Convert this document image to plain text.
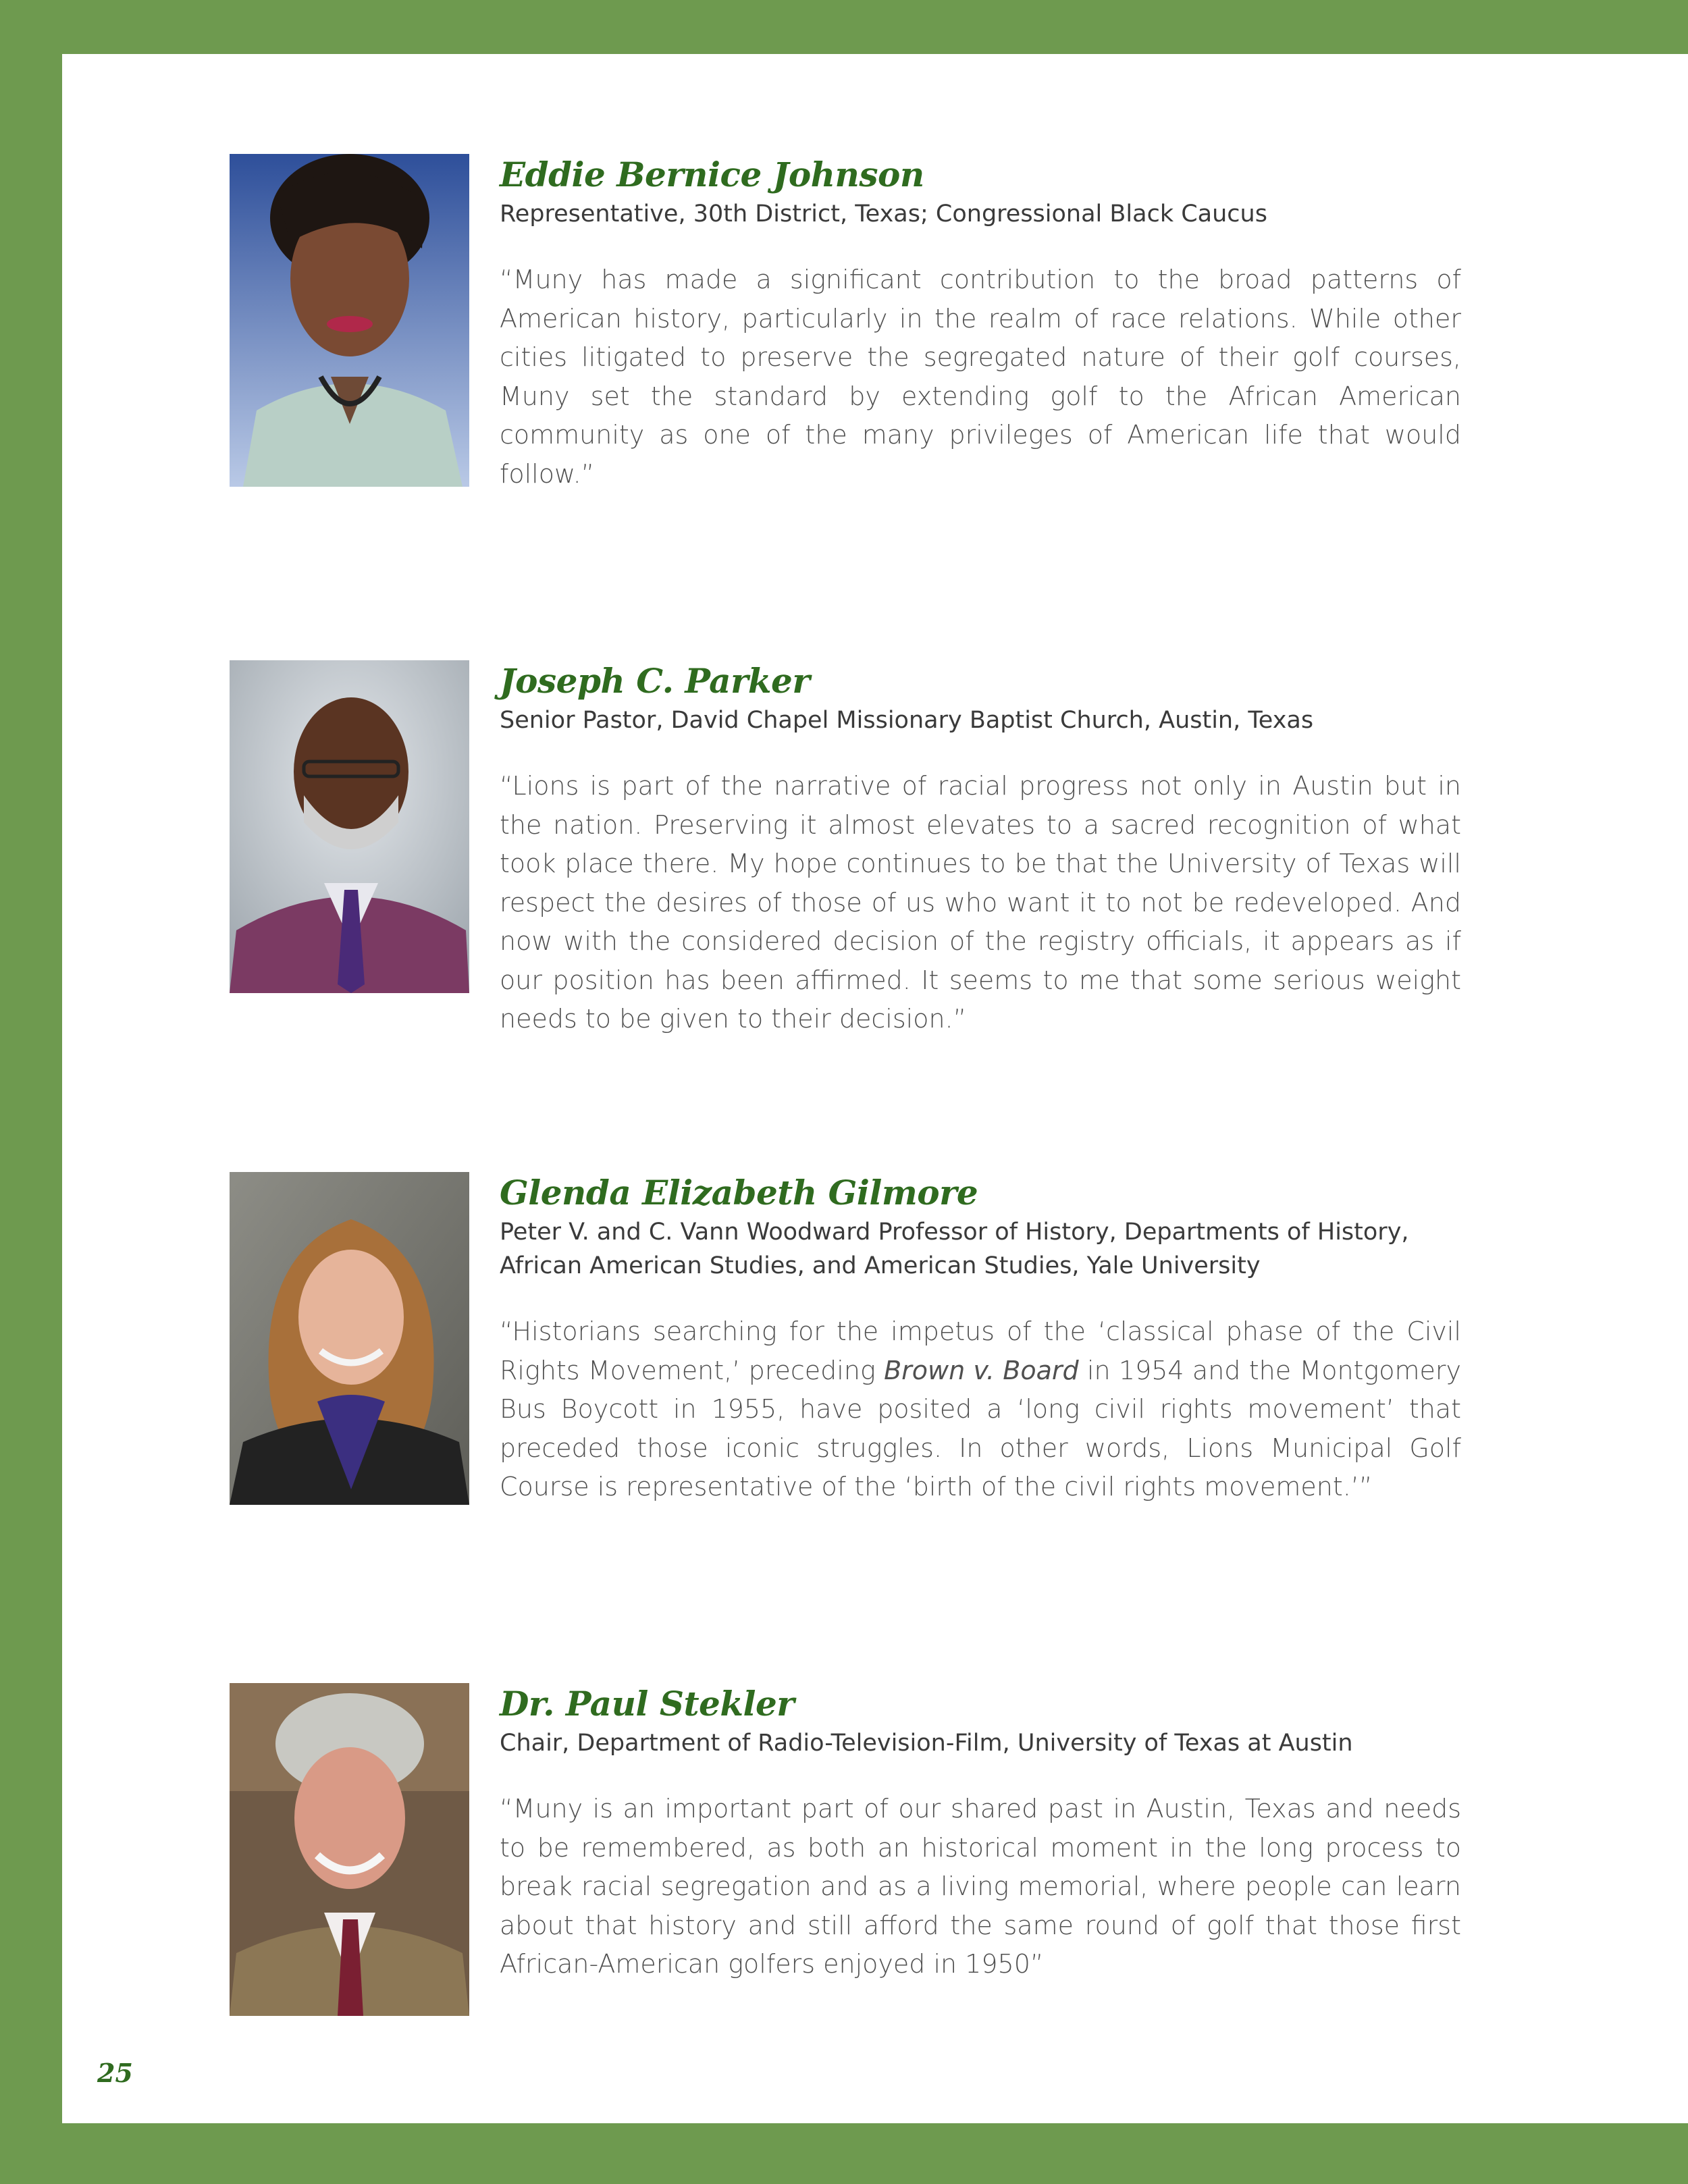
Eddie Bernice Johnson
Representative, 30th District, Texas; Congressional Black Caucus

“Muny has made a significant contribution to the broad patterns of American history, particularly in the realm of race relations. While other cities litigated to preserve the segregated nature of their golf courses, Muny set the standard by extending golf to the African American community as one of the many privileges of American life that would follow.”

Joseph C. Parker
Senior Pastor, David Chapel Missionary Baptist Church, Austin, Texas

“Lions is part of the narrative of racial progress not only in Austin but in the nation. Preserving it almost elevates to a sacred recognition of what took place there. My hope continues to be that the University of Texas will respect the desires of those of us who want it to not be redeveloped. And now with the considered decision of the registry officials, it appears as if our position has been affirmed. It seems to me that some serious weight needs to be given to their decision.”

Glenda Elizabeth Gilmore
Peter V. and C. Vann Woodward Professor of History, Departments of History, African American Studies, and American Studies, Yale University

“Historians searching for the impetus of the ‘classical phase of the Civil Rights Movement,’ preceding Brown v. Board in 1954 and the Montgomery Bus Boycott in 1955, have posited a ‘long civil rights movement’ that preceded those iconic struggles. In other words, Lions Municipal Golf Course is representative of the ‘birth of the civil rights movement.’”

Dr. Paul Stekler
Chair, Department of Radio-Television-Film, University of Texas at Austin

“Muny is an important part of our shared past in Austin, Texas and needs to be remembered, as both an historical moment in the long process to break racial segregation and as a living memorial, where people can learn about that history and still afford the same round of golf that those first African-American golfers enjoyed in 1950”

25
